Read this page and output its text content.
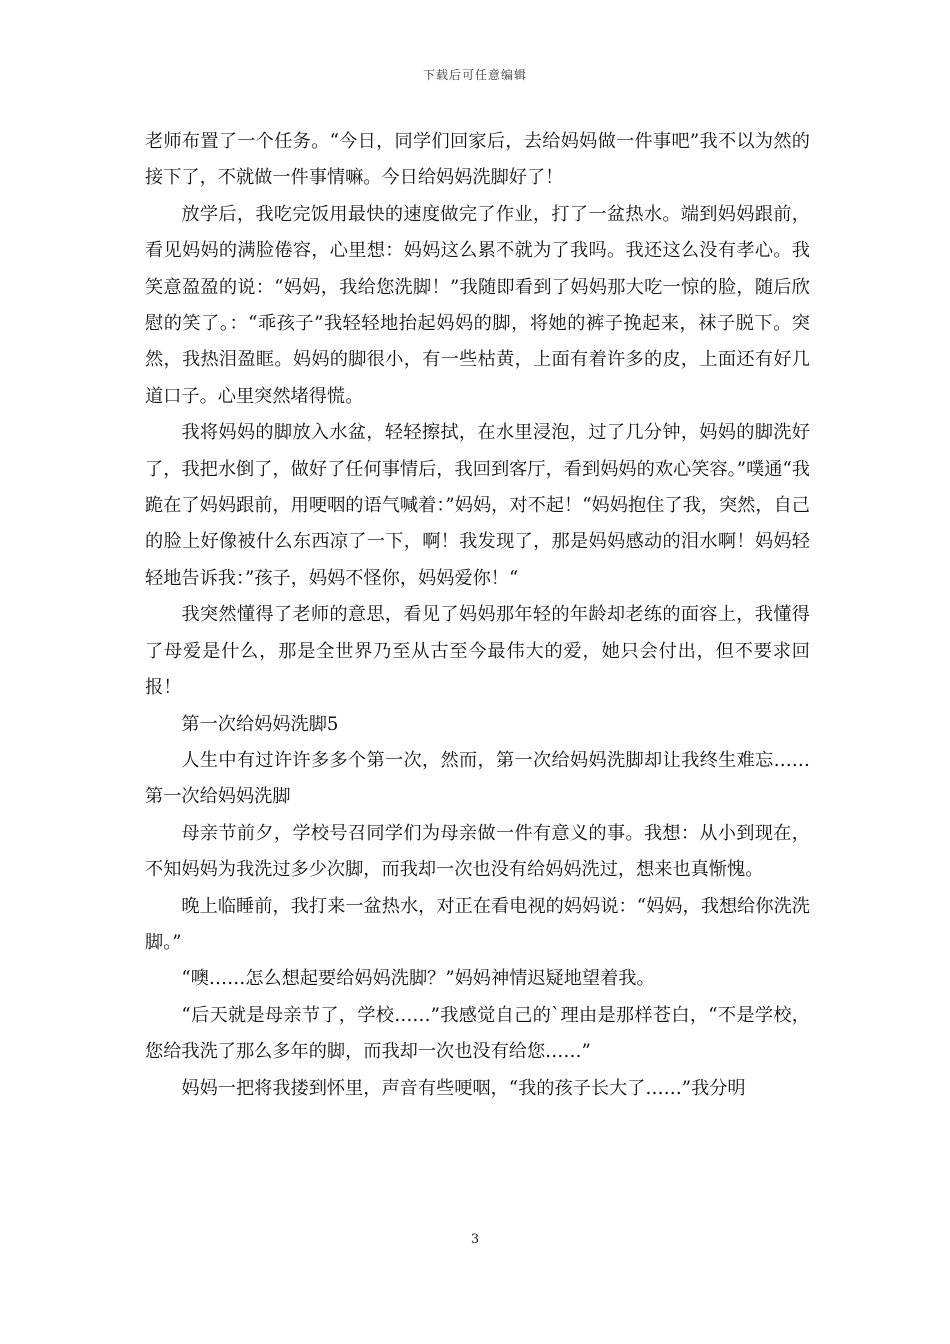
下载后可任意编辑

老师布置了一个任务。“今日，同学们回家后，去给妈妈做一件事吧”我不以为然的接下了，不就做一件事情嘛。今日给妈妈洗脚好了！

放学后，我吃完饭用最快的速度做完了作业，打了一盆热水。端到妈妈跟前，看见妈妈的满脸倦容，心里想：妈妈这么累不就为了我吗。我还这么没有孝心。我笑意盈盈的说：“妈妈，我给您洗脚！”我随即看到了妈妈那大吃一惊的脸，随后欣慰的笑了。：“乖孩子”我轻轻地抬起妈妈的脚，将她的裤子挽起来，袜子脱下。突然，我热泪盈眶。妈妈的脚很小，有一些枯黄，上面有着许多的皮，上面还有好几道口子。心里突然堵得慌。

我将妈妈的脚放入水盆，轻轻擦拭，在水里浸泡，过了几分钟，妈妈的脚洗好了，我把水倒了，做好了任何事情后，我回到客厅，看到妈妈的欢心笑容。”噗通“我跪在了妈妈跟前，用哽咽的语气喊着：”妈妈，对不起！“妈妈抱住了我，突然，自己的脸上好像被什么东西凉了一下，啊！我发现了，那是妈妈感动的泪水啊！妈妈轻轻地告诉我：”孩子，妈妈不怪你，妈妈爱你！“

我突然懂得了老师的意思，看见了妈妈那年轻的年龄却老练的面容上，我懂得了母爱是什么，那是全世界乃至从古至今最伟大的爱，她只会付出，但不要求回报！

第一次给妈妈洗脚5

人生中有过许许多多个第一次，然而，第一次给妈妈洗脚却让我终生难忘……第一次给妈妈洗脚

母亲节前夕，学校号召同学们为母亲做一件有意义的事。我想：从小到现在，不知妈妈为我洗过多少次脚，而我却一次也没有给妈妈洗过，想来也真惭愧。

晚上临睡前，我打来一盆热水，对正在看电视的妈妈说：“妈妈，我想给你洗洗脚。”

“噢……怎么想起要给妈妈洗脚？”妈妈神情迟疑地望着我。

“后天就是母亲节了，学校……”我感觉自己的`理由是那样苍白，“不是学校，您给我洗了那么多年的脚，而我却一次也没有给您……”

妈妈一把将我搂到怀里，声音有些哽咽，“我的孩子长大了……”我分明

3
